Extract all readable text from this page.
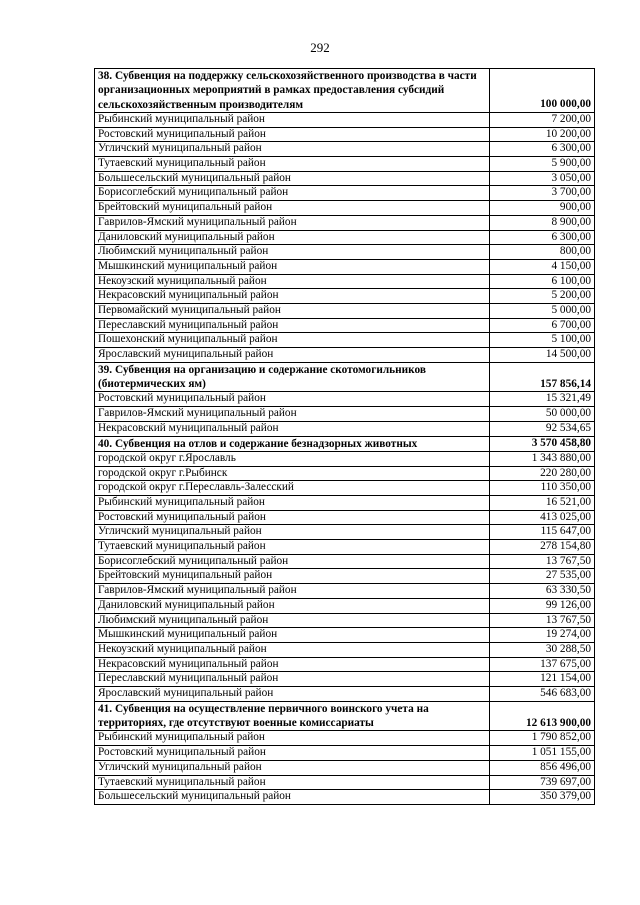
292
38. Субвенция на поддержку сельскохозяйственного производства в части организационных мероприятий в рамках предоставления субсидий сельскохозяйственным производителям	100 000,00
Рыбинский муниципальный район	7 200,00
Ростовский муниципальный район	10 200,00
Угличский муниципальный район	6 300,00
Тутаевский муниципальный район	5 900,00
Большесельский муниципальный район	3 050,00
Борисоглебский муниципальный район	3 700,00
Брейтовский муниципальный район	900,00
Гаврилов-Ямский муниципальный район	8 900,00
Даниловский муниципальный район	6 300,00
Любимский муниципальный район	800,00
Мышкинский муниципальный район	4 150,00
Некоузский муниципальный район	6 100,00
Некрасовский муниципальный район	5 200,00
Первомайский муниципальный район	5 000,00
Переславский муниципальный район	6 700,00
Пошехонский муниципальный район	5 100,00
Ярославский муниципальный район	14 500,00
39. Субвенция на организацию и содержание скотомогильников (биотермических ям)	157 856,14
Ростовский муниципальный район	15 321,49
Гаврилов-Ямский муниципальный район	50 000,00
Некрасовский муниципальный район	92 534,65
40. Субвенция на отлов и содержание безнадзорных животных	3 570 458,80
городской округ г.Ярославль	1 343 880,00
городской округ г.Рыбинск	220 280,00
городской округ г.Переславль-Залесский	110 350,00
Рыбинский муниципальный район	16 521,00
Ростовский муниципальный район	413 025,00
Угличский муниципальный район	115 647,00
Тутаевский муниципальный район	278 154,80
Борисоглебский муниципальный район	13 767,50
Брейтовский муниципальный район	27 535,00
Гаврилов-Ямский муниципальный район	63 330,50
Даниловский муниципальный район	99 126,00
Любимский муниципальный район	13 767,50
Мышкинский муниципальный район	19 274,00
Некоузский муниципальный район	30 288,50
Некрасовский муниципальный район	137 675,00
Переславский муниципальный район	121 154,00
Ярославский муниципальный район	546 683,00
41. Субвенция на осуществление первичного воинского учета на территориях, где отсутствуют военные комиссариаты	12 613 900,00
Рыбинский муниципальный район	1 790 852,00
Ростовский муниципальный район	1 051 155,00
Угличский муниципальный район	856 496,00
Тутаевский муниципальный район	739 697,00
Большесельский муниципальный район	350 379,00
